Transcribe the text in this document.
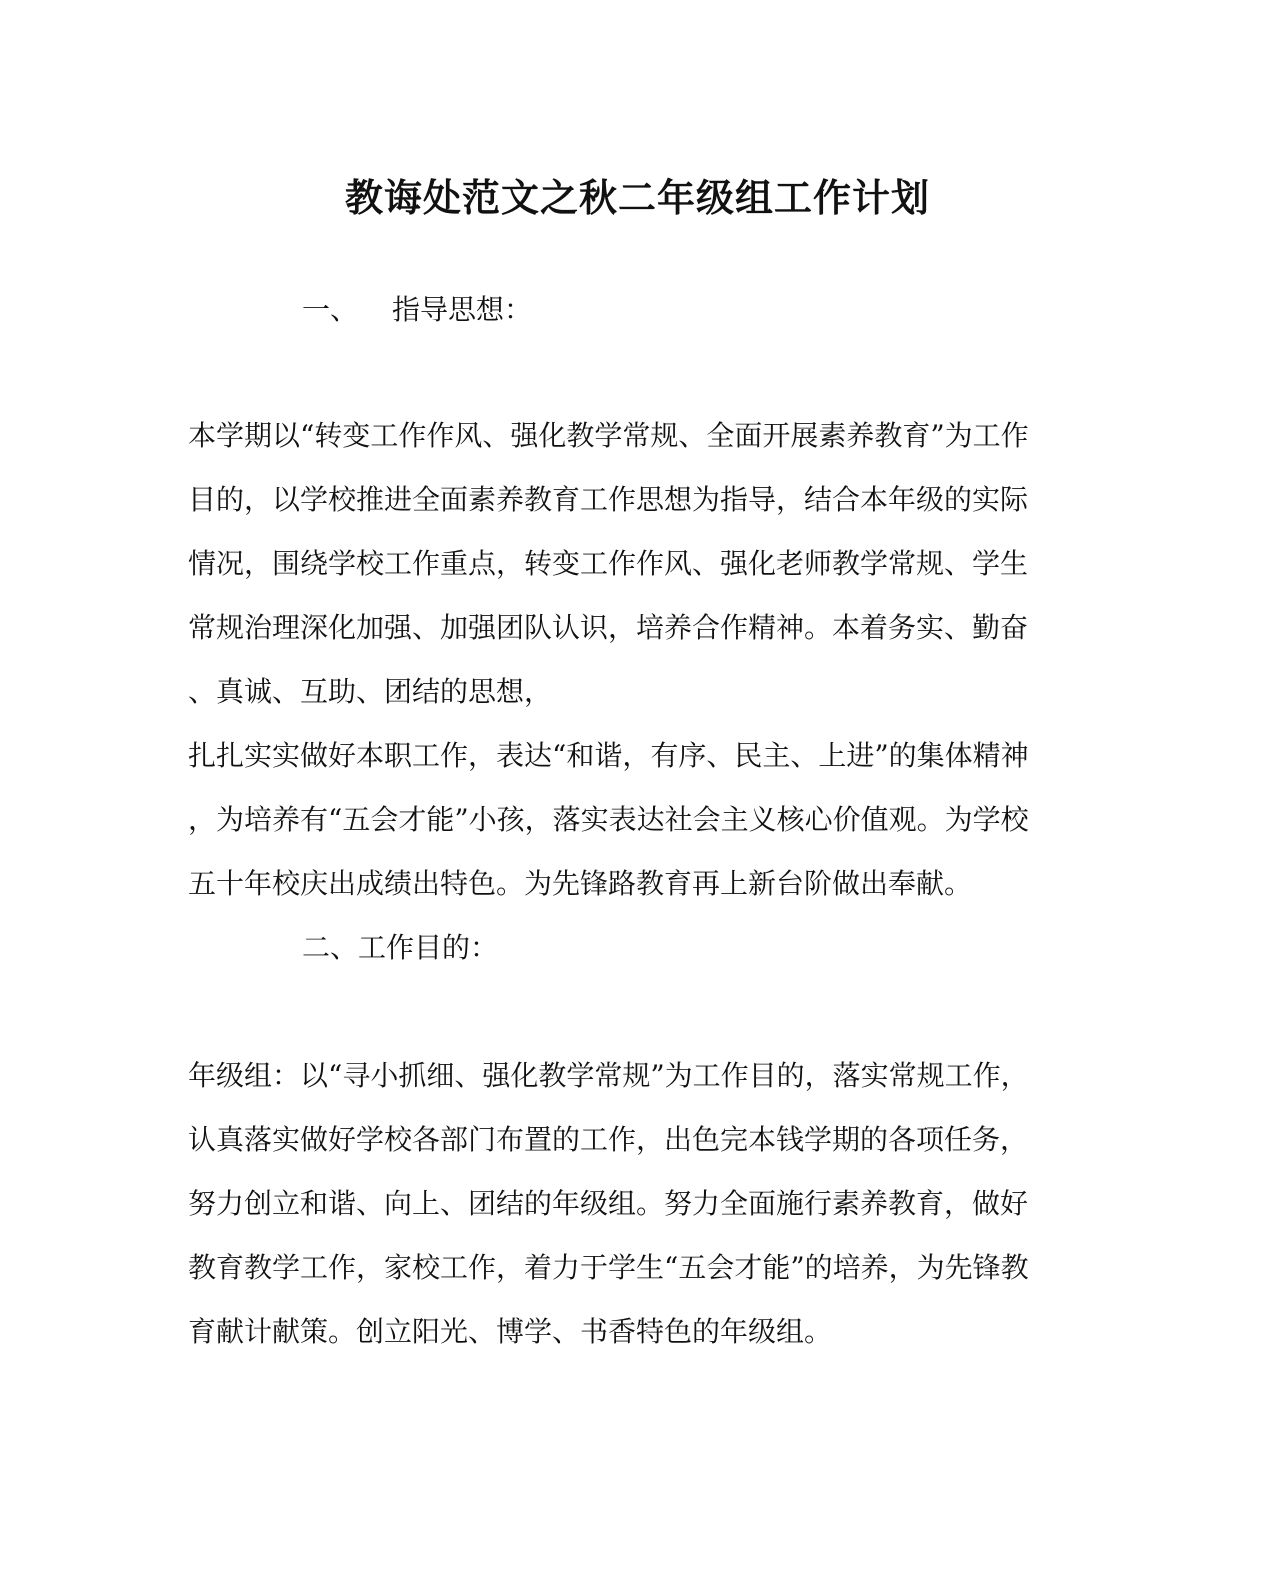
教诲处范文之秋二年级组工作计划
一、 指导思想：
本学期以“转变工作作风、强化教学常规、全面开展素养教育”为工作
目的，以学校推进全面素养教育工作思想为指导，结合本年级的实际
情况，围绕学校工作重点，转变工作作风、强化老师教学常规、学生
常规治理深化加强、加强团队认识，培养合作精神。本着务实、勤奋
、真诚、互助、团结的思想，
扎扎实实做好本职工作，表达“和谐，有序、民主、上进”的集体精神
，为培养有“五会才能”小孩，落实表达社会主义核心价值观。为学校
五十年校庆出成绩出特色。为先锋路教育再上新台阶做出奉献。
二、工作目的：
年级组：以“寻小抓细、强化教学常规”为工作目的，落实常规工作，
认真落实做好学校各部门布置的工作，出色完本钱学期的各项任务，
努力创立和谐、向上、团结的年级组。努力全面施行素养教育，做好
教育教学工作，家校工作，着力于学生“五会才能”的培养，为先锋教
育献计献策。创立阳光、博学、书香特色的年级组。
